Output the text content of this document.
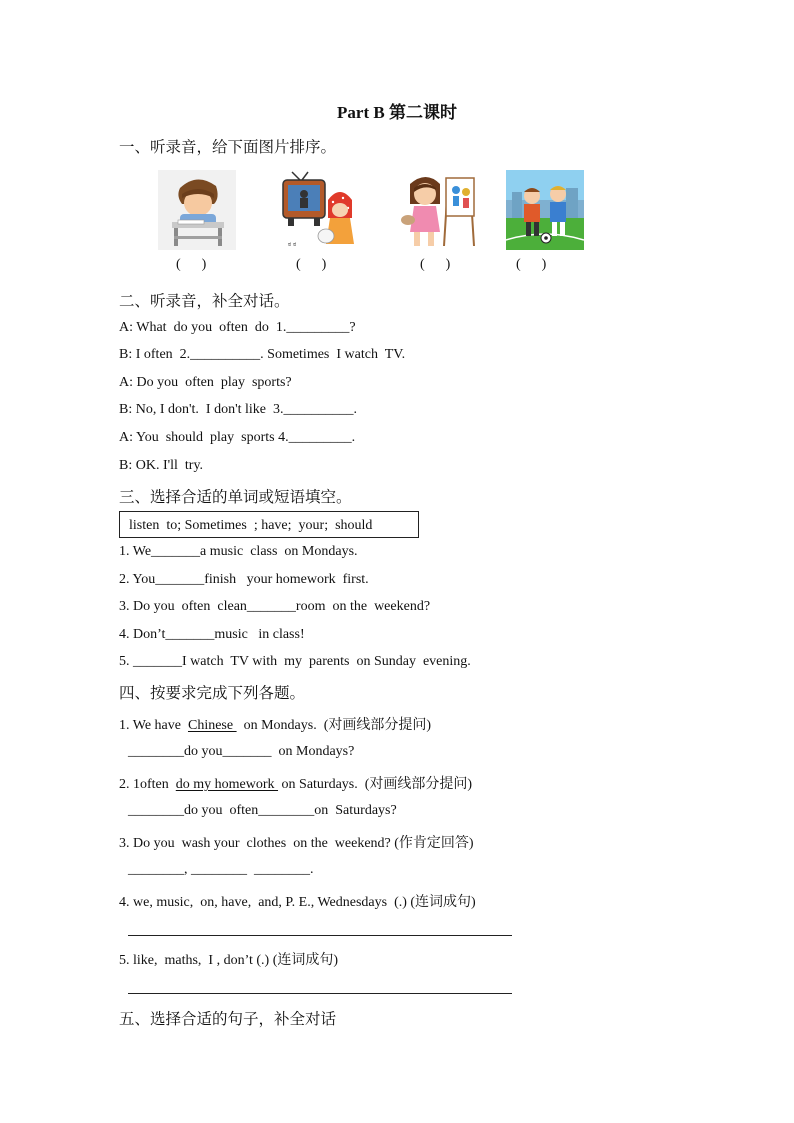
Part B 第二课时
一、听录音，给下面图片排序。
ಠ ಠ
(      )	(      )	(      )	(      )
二、听录音，补全对话。
A: What  do you  often  do  1._________?
B: I often  2.__________. Sometimes  I watch  TV.
A: Do you  often  play  sports?
B: No, I don't.  I don't like  3.__________.
A: You  should  play  sports 4._________.
B: OK. I'll  try.
三、选择合适的单词或短语填空。
listen  to; Sometimes  ; have;  your;  should
1. We_______a music  class  on Mondays.
2. You_______finish   your homework  first.
3. Do you  often  clean_______room  on the  weekend?
4. Don’t_______music   in class!
5. _______I watch  TV with  my  parents  on Sunday  evening.
四、按要求完成下列各题。
1. We have  Chinese   on Mondays.  (对画线部分提问)
________do you_______  on Mondays?
2. 1often  do my homework  on Saturdays.  (对画线部分提问)
________do you  often________on  Saturdays?
3. Do you  wash your  clothes  on the  weekend? (作肯定回答)
________, ________  ________.
4. we, music,  on, have,  and, P. E., Wednesdays  (.) (连词成句)
5. like,  maths,  I , don’t (.) (连词成句)
五、选择合适的句子，补全对话
